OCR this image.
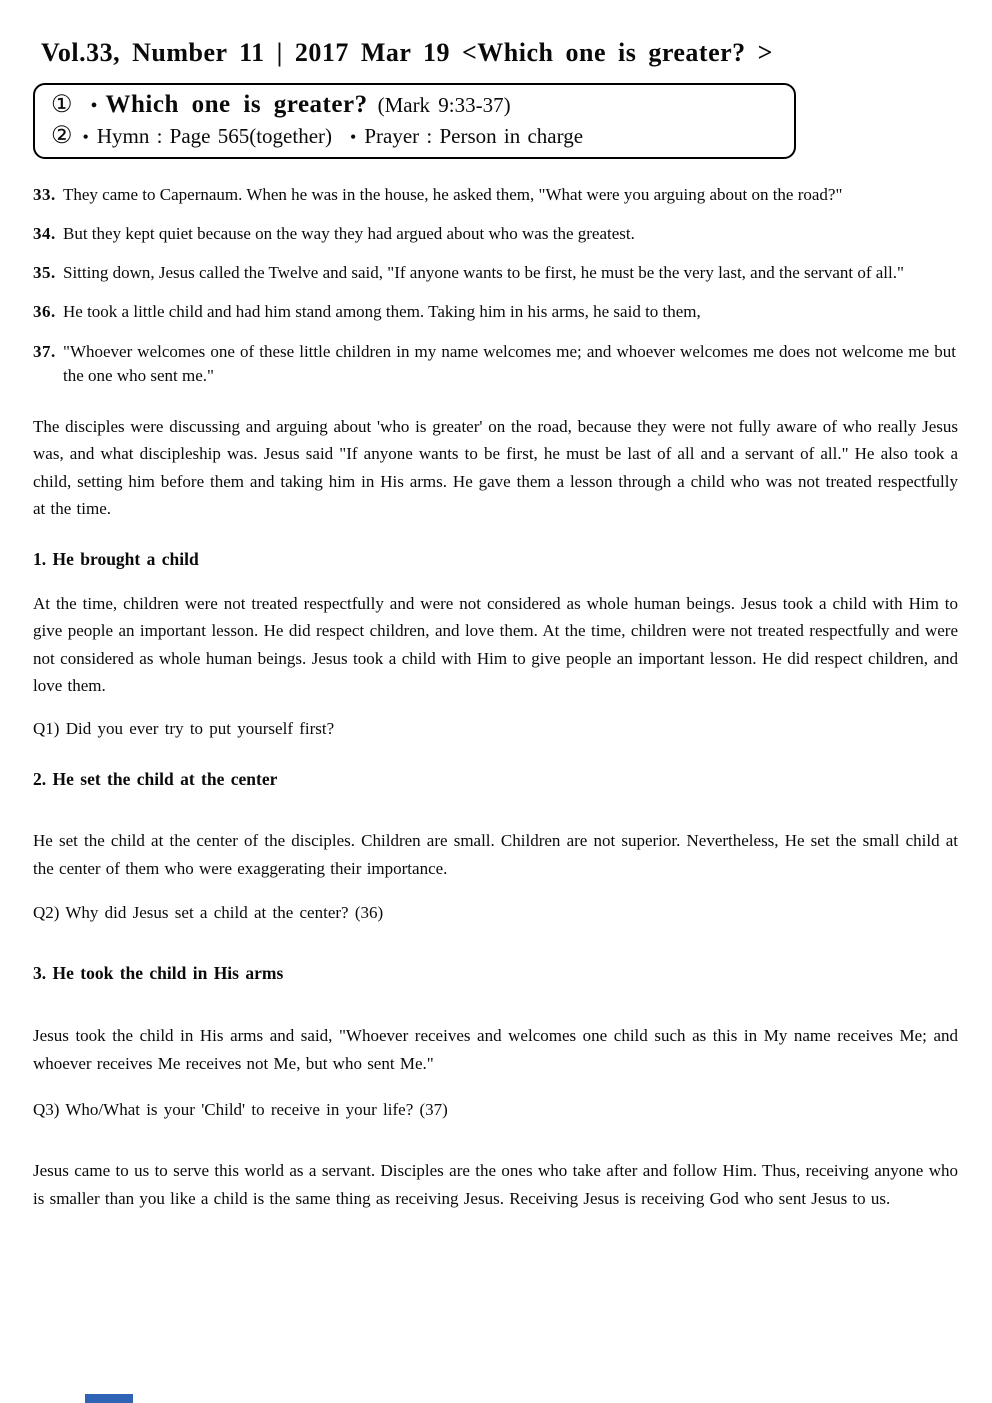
Vol.33, Number 11 | 2017 Mar 19 <Which one is greater? >
① • Which one is greater? (Mark 9:33-37)
② • Hymn : Page 565(together) • Prayer : Person in charge
33. They came to Capernaum. When he was in the house, he asked them, "What were you arguing about on the road?"
34. But they kept quiet because on the way they had argued about who was the greatest.
35. Sitting down, Jesus called the Twelve and said, "If anyone wants to be first, he must be the very last, and the servant of all."
36. He took a little child and had him stand among them. Taking him in his arms, he said to them,
37. "Whoever welcomes one of these little children in my name welcomes me; and whoever welcomes me does not welcome me but the one who sent me."
The disciples were discussing and arguing about 'who is greater' on the road, because they were not fully aware of who really Jesus was, and what discipleship was. Jesus said "If anyone wants to be first, he must be last of all and a servant of all." He also took a child, setting him before them and taking him in His arms. He gave them a lesson through a child who was not treated respectfully at the time.
1. He brought a child
At the time, children were not treated respectfully and were not considered as whole human beings. Jesus took a child with Him to give people an important lesson. He did respect children, and love them. At the time, children were not treated respectfully and were not considered as whole human beings. Jesus took a child with Him to give people an important lesson. He did respect children, and love them.
Q1) Did you ever try to put yourself first?
2. He set the child at the center
He set the child at the center of the disciples. Children are small. Children are not superior. Nevertheless, He set the small child at the center of them who were exaggerating their importance.
Q2) Why did Jesus set a child at the center? (36)
3. He took the child in His arms
Jesus took the child in His arms and said, "Whoever receives and welcomes one child such as this in My name receives Me; and whoever receives Me receives not Me, but who sent Me."
Q3) Who/What is your 'Child' to receive in your life? (37)
Jesus came to us to serve this world as a servant. Disciples are the ones who take after and follow Him. Thus, receiving anyone who is smaller than you like a child is the same thing as receiving Jesus. Receiving Jesus is receiving God who sent Jesus to us.
